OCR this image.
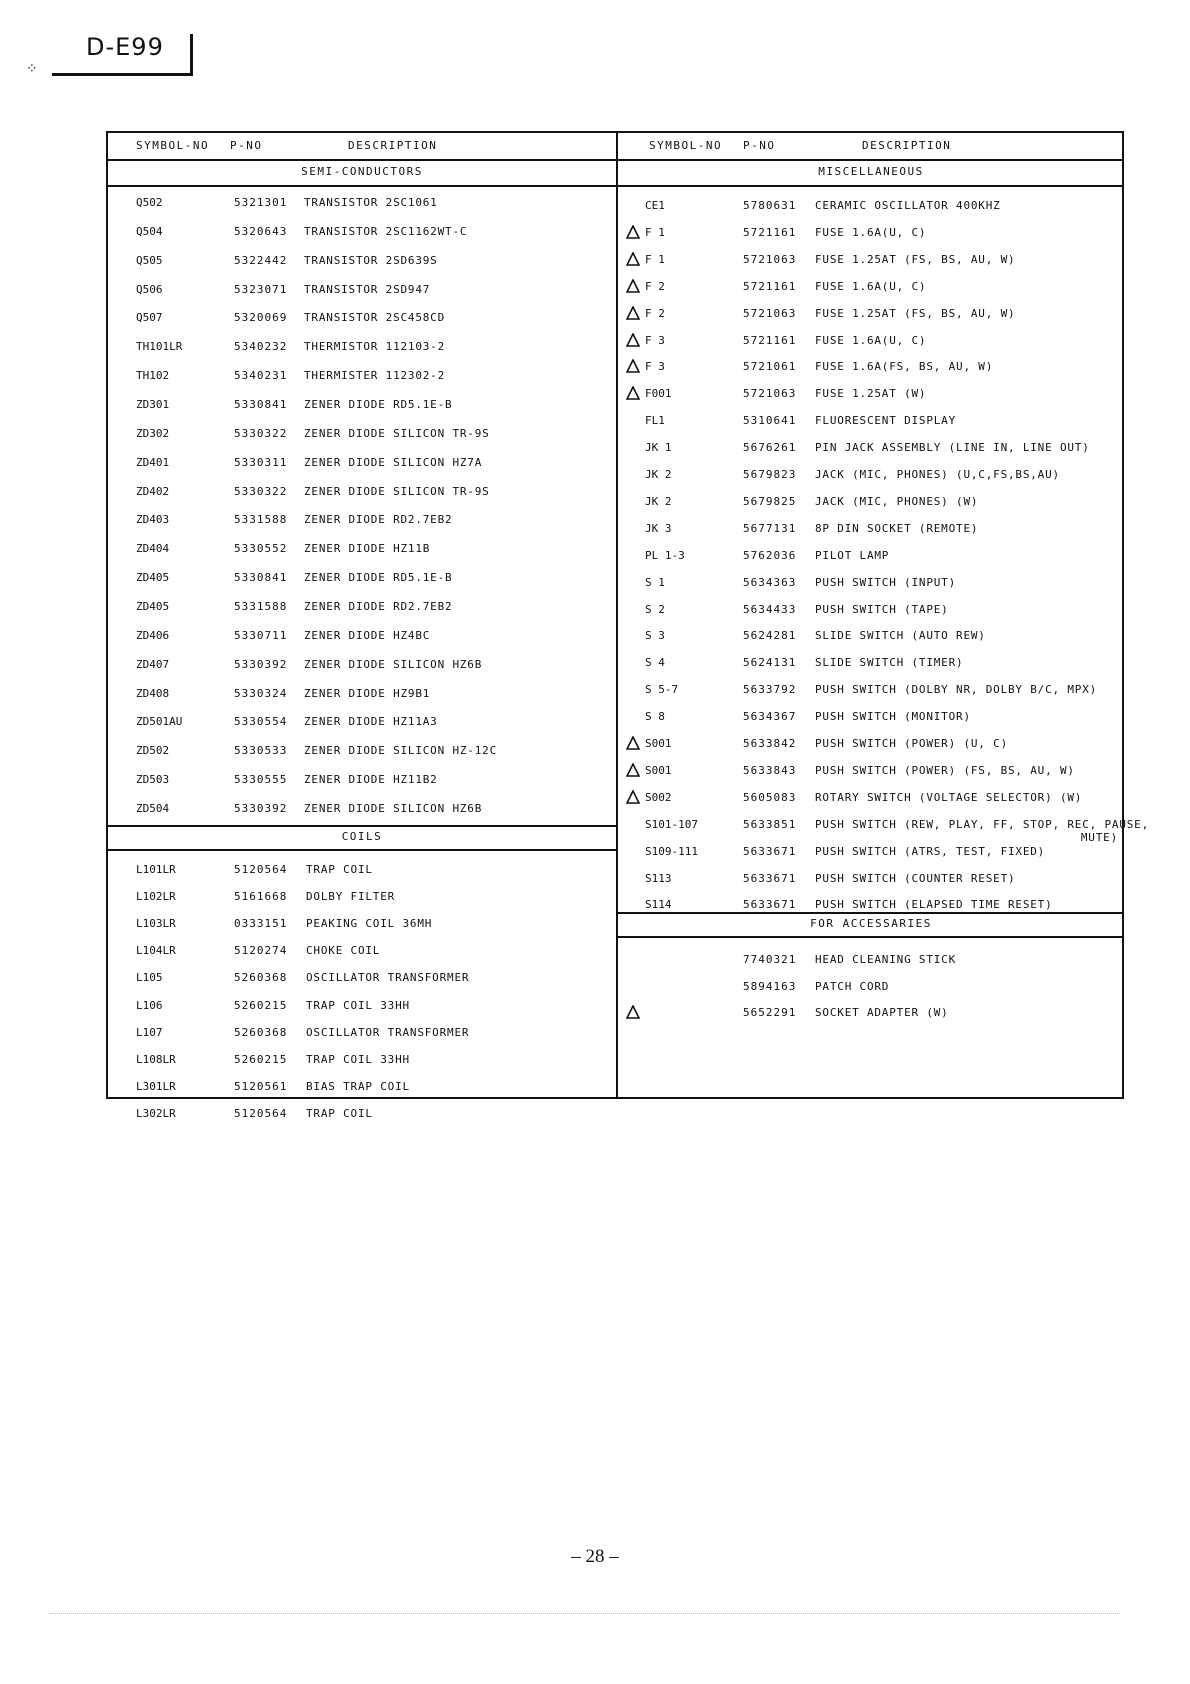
D-E99
⁘
SYMBOL-NO P-NO	DESCRIPTION	SYMBOL-NO P-NO	DESCRIPTION
SEMI-CONDUCTORS
Q502	5321301 TRANSISTOR 2SC1061
Q504	5320643 TRANSISTOR 2SC1162WT-C
Q505	5322442 TRANSISTOR 2SD639S
Q506	5323071 TRANSISTOR 2SD947
Q507	5320069 TRANSISTOR 2SC458CD
TH101LR	5340232 THERMISTOR 112103-2
TH102	5340231 THERMISTER 112302-2
ZD301	5330841 ZENER DIODE RD5.1E-B
ZD302	5330322 ZENER DIODE SILICON TR-9S
ZD401	5330311 ZENER DIODE SILICON HZ7A
ZD402	5330322 ZENER DIODE SILICON TR-9S
ZD403	5331588 ZENER DIODE RD2.7EB2
ZD404	5330552 ZENER DIODE HZ11B
ZD405	5330841 ZENER DIODE RD5.1E-B
ZD405	5331588 ZENER DIODE RD2.7EB2
ZD406	5330711 ZENER DIODE HZ4BC
ZD407	5330392 ZENER DIODE SILICON HZ6B
ZD408	5330324 ZENER DIODE HZ9B1
ZD501AU	5330554 ZENER DIODE HZ11A3
ZD502	5330533 ZENER DIODE SILICON HZ-12C
ZD503	5330555 ZENER DIODE HZ11B2
ZD504	5330392 ZENER DIODE SILICON HZ6B
COILS
L101LR	5120564 TRAP COIL
L102LR	5161668 DOLBY FILTER
L103LR	0333151 PEAKING COIL 36MH
L104LR	5120274 CHOKE COIL
L105	5260368 OSCILLATOR TRANSFORMER
L106	5260215 TRAP COIL 33HH
L107	5260368 OSCILLATOR TRANSFORMER
L108LR	5260215 TRAP COIL 33HH
L301LR	5120561 BIAS TRAP COIL
L302LR	5120564 TRAP COIL
MISCELLANEOUS
CE1	5780631 CERAMIC OSCILLATOR 400KHZ
F 1	5721161 FUSE 1.6A(U, C)
F 1	5721063 FUSE 1.25AT (FS, BS, AU, W)
F 2	5721161 FUSE 1.6A(U, C)
F 2	5721063 FUSE 1.25AT (FS, BS, AU, W)
F 3	5721161 FUSE 1.6A(U, C)
F 3	5721061 FUSE 1.6A(FS, BS, AU, W)
F001	5721063 FUSE 1.25AT (W)
FL1	5310641 FLUORESCENT DISPLAY
JK 1	5676261 PIN JACK ASSEMBLY (LINE IN, LINE OUT)
JK 2	5679823 JACK (MIC, PHONES) (U,C,FS,BS,AU)
JK 2	5679825 JACK (MIC, PHONES) (W)
JK 3	5677131 8P DIN SOCKET (REMOTE)
PL 1-3	5762036 PILOT LAMP
S 1	5634363 PUSH SWITCH (INPUT)
S 2	5634433 PUSH SWITCH (TAPE)
S 3	5624281 SLIDE SWITCH (AUTO REW)
S 4	5624131 SLIDE SWITCH (TIMER)
S 5-7	5633792 PUSH SWITCH (DOLBY NR, DOLBY B/C, MPX)
S 8	5634367 PUSH SWITCH (MONITOR)
S001	5633842 PUSH SWITCH (POWER) (U, C)
S001	5633843 PUSH SWITCH (POWER) (FS, BS, AU, W)
S002	5605083 ROTARY SWITCH (VOLTAGE SELECTOR) (W)
S101-107	5633851 PUSH SWITCH (REW, PLAY, FF, STOP, REC, PAUSE,
MUTE)
S109-111	5633671 PUSH SWITCH (ATRS, TEST, FIXED)
S113	5633671 PUSH SWITCH (COUNTER RESET)
S114	5633671 PUSH SWITCH (ELAPSED TIME RESET)
FOR ACCESSARIES
7740321 HEAD CLEANING STICK
5894163 PATCH CORD
5652291 SOCKET ADAPTER (W)
– 28 –
